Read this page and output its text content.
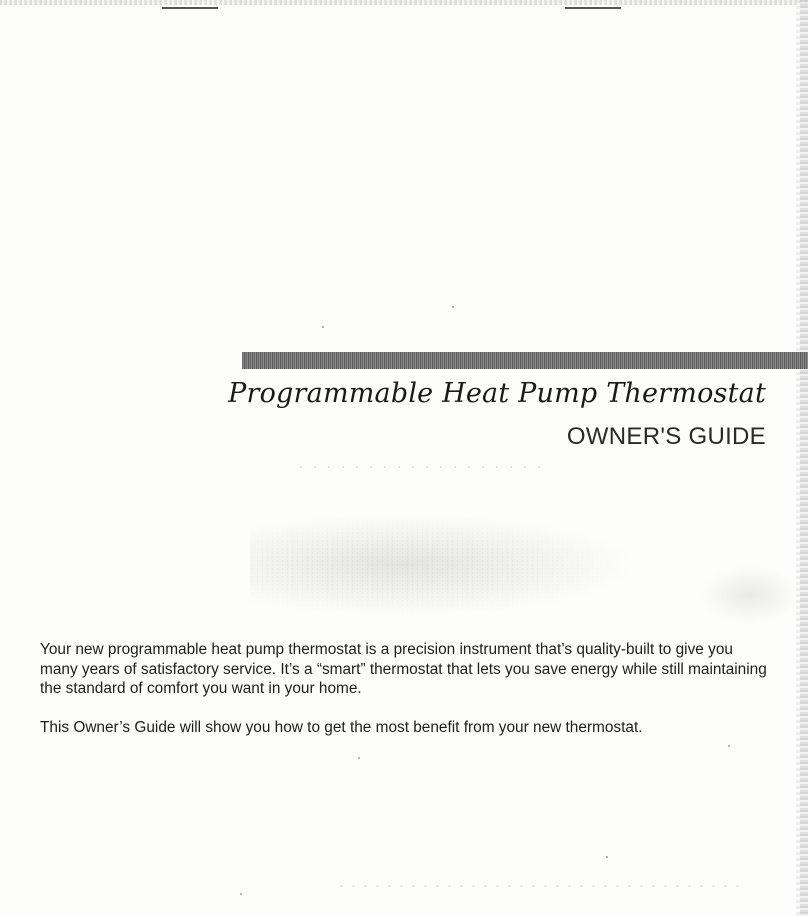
Programmable Heat Pump Thermostat
OWNER'S GUIDE

Your new programmable heat pump thermostat is a precision instrument that’s quality-built to give you many years of satisfactory service. It’s a “smart” thermostat that lets you save energy while still maintaining the standard of comfort you want in your home.

This Owner’s Guide will show you how to get the most benefit from your new thermostat.
